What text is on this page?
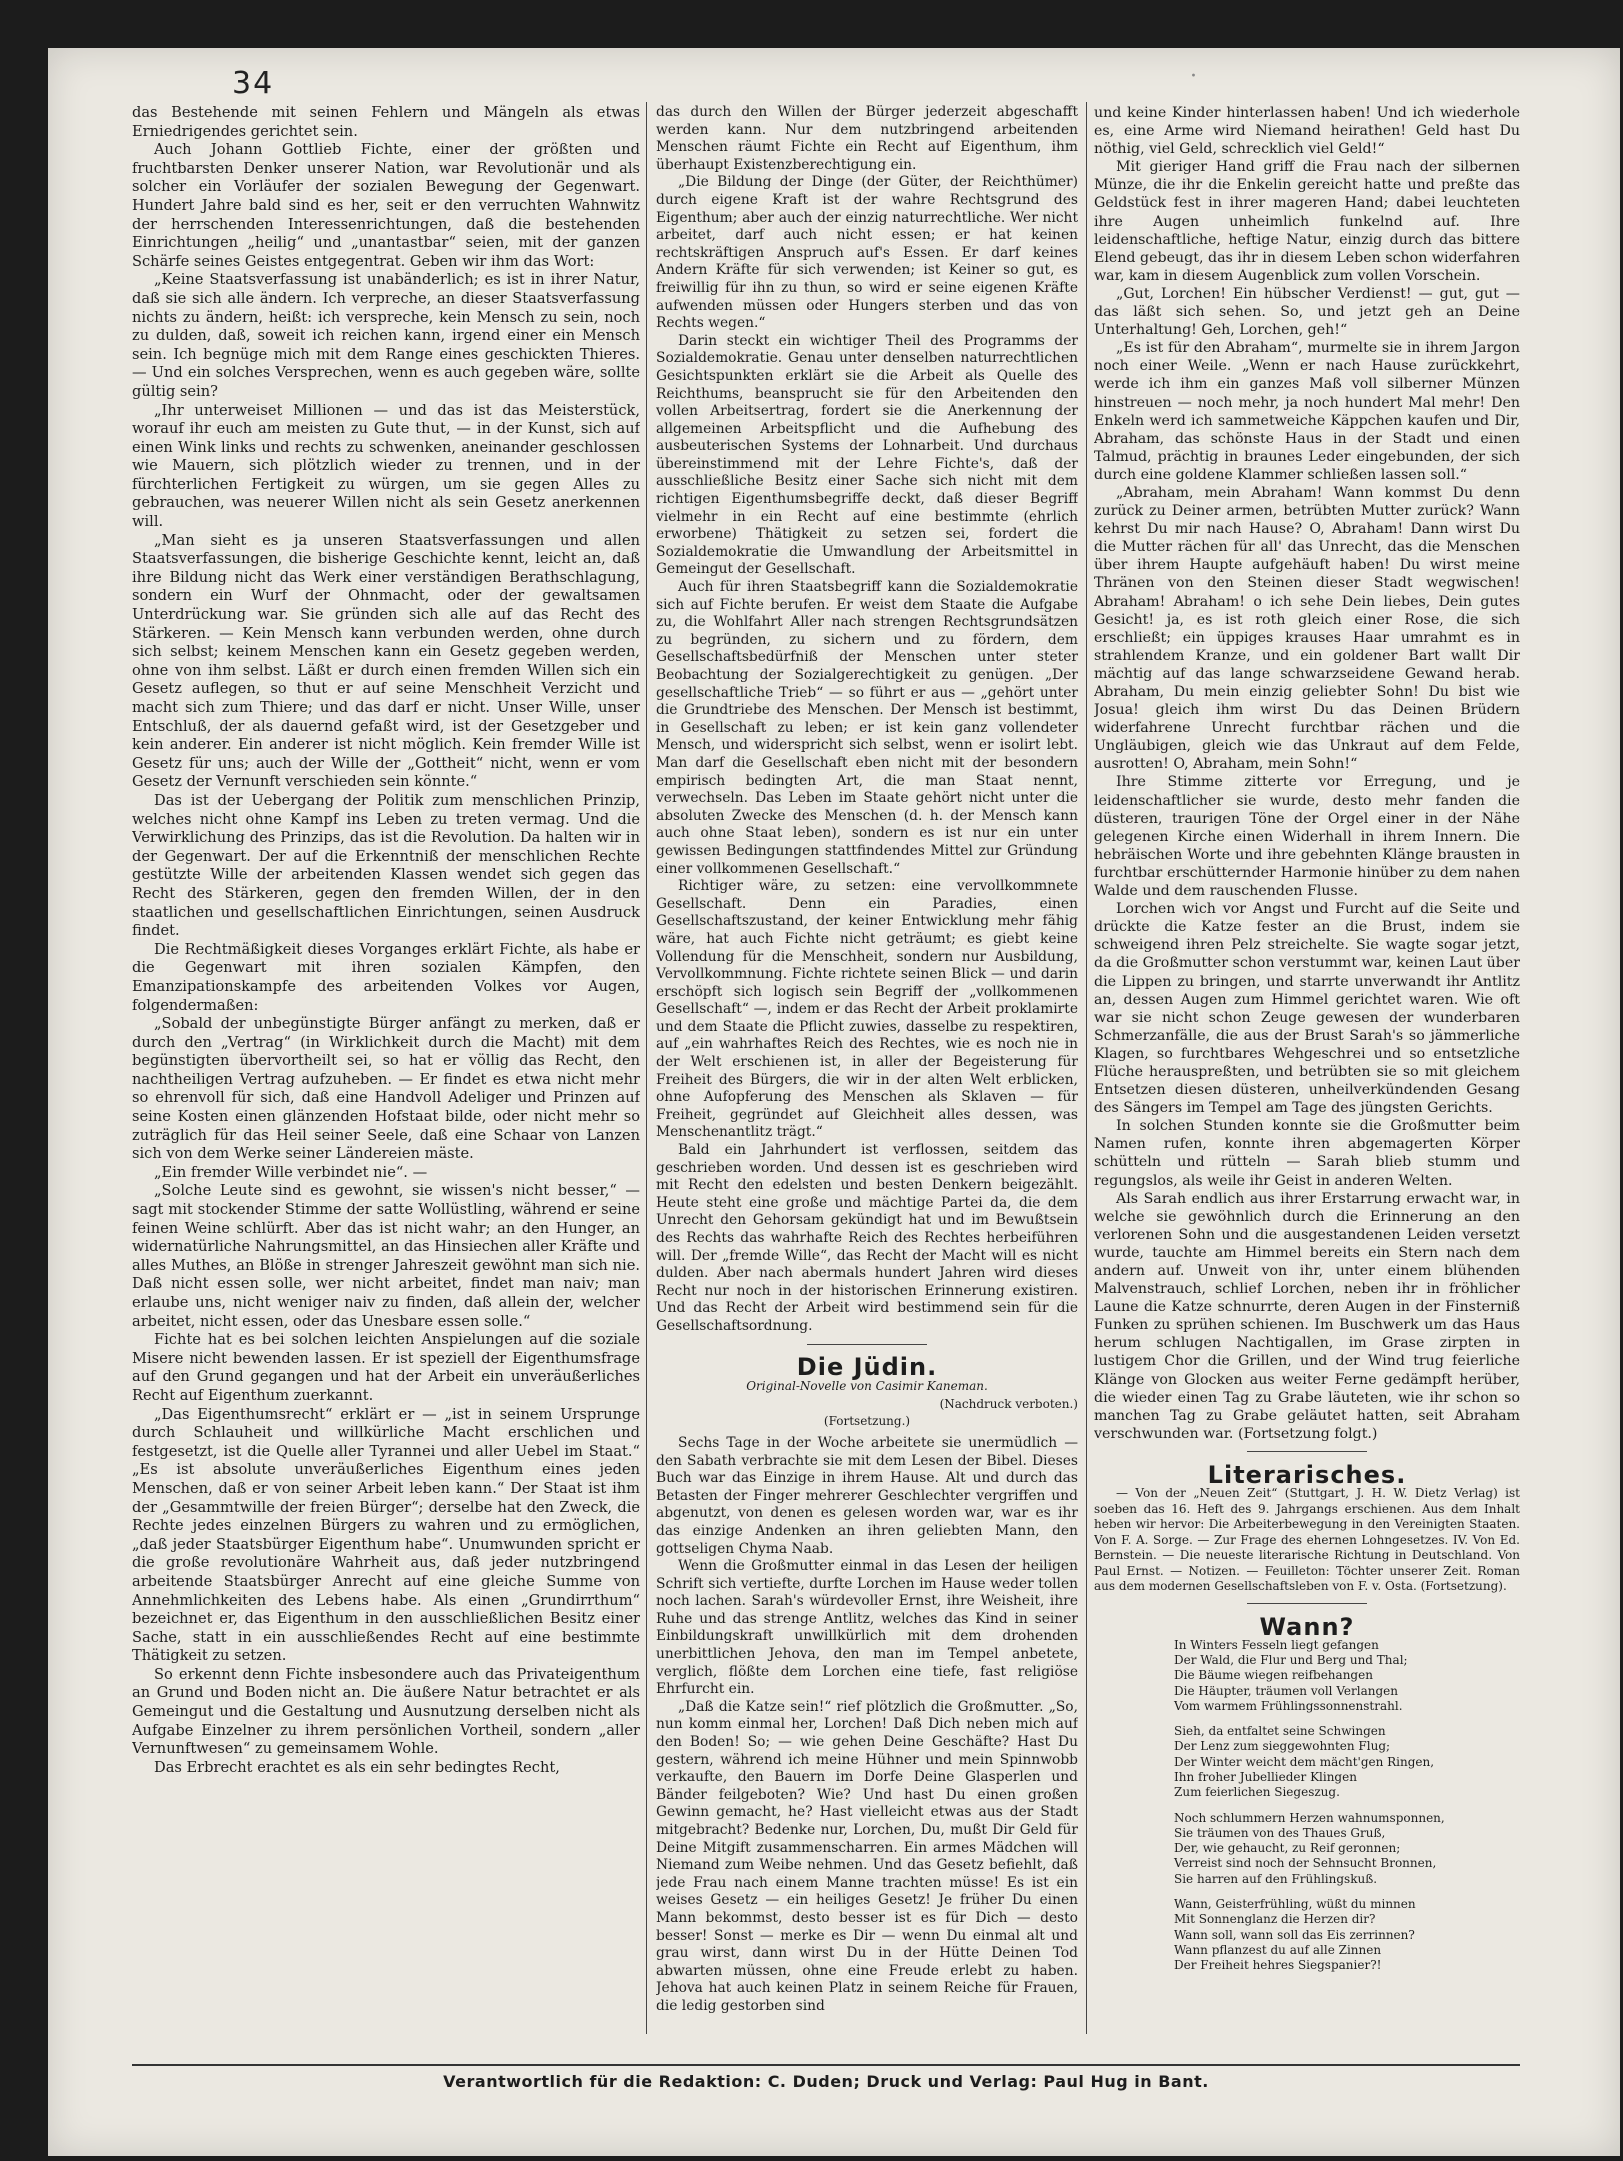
34	·

das Bestehende mit seinen Fehlern und Mängeln als etwas Erniedrigendes gerichtet sein.

Auch Johann Gottlieb Fichte, einer der größten und fruchtbarsten Denker unserer Nation, war Revolutionär und als solcher ein Vorläufer der sozialen Bewegung der Gegenwart. Hundert Jahre bald sind es her, seit er den verruchten Wahnwitz der herrschenden Interessenrichtungen, daß die bestehenden Einrichtungen „heilig“ und „unantastbar“ seien, mit der ganzen Schärfe seines Geistes entgegentrat. Geben wir ihm das Wort:

„Keine Staatsverfassung ist unabänderlich; es ist in ihrer Natur, daß sie sich alle ändern. Ich verpreche, an dieser Staatsverfassung nichts zu ändern, heißt: ich verspreche, kein Mensch zu sein, noch zu dulden, daß, soweit ich reichen kann, irgend einer ein Mensch sein. Ich begnüge mich mit dem Range eines geschickten Thieres. — Und ein solches Versprechen, wenn es auch gegeben wäre, sollte gültig sein?

„Ihr unterweiset Millionen — und das ist das Meisterstück, worauf ihr euch am meisten zu Gute thut, — in der Kunst, sich auf einen Wink links und rechts zu schwenken, aneinander geschlossen wie Mauern, sich plötzlich wieder zu trennen, und in der fürchterlichen Fertigkeit zu würgen, um sie gegen Alles zu gebrauchen, was neuerer Willen nicht als sein Gesetz anerkennen will.

„Man sieht es ja unseren Staatsverfassungen und allen Staatsverfassungen, die bisherige Geschichte kennt, leicht an, daß ihre Bildung nicht das Werk einer verständigen Berathschlagung, sondern ein Wurf der Ohnmacht, oder der gewaltsamen Unterdrückung war. Sie gründen sich alle auf das Recht des Stärkeren. — Kein Mensch kann verbunden werden, ohne durch sich selbst; keinem Menschen kann ein Gesetz gegeben werden, ohne von ihm selbst. Läßt er durch einen fremden Willen sich ein Gesetz auflegen, so thut er auf seine Menschheit Verzicht und macht sich zum Thiere; und das darf er nicht. Unser Wille, unser Entschluß, der als dauernd gefaßt wird, ist der Gesetzgeber und kein anderer. Ein anderer ist nicht möglich. Kein fremder Wille ist Gesetz für uns; auch der Wille der „Gottheit“ nicht, wenn er vom Gesetz der Vernunft verschieden sein könnte.“

Das ist der Uebergang der Politik zum menschlichen Prinzip, welches nicht ohne Kampf ins Leben zu treten vermag. Und die Verwirklichung des Prinzips, das ist die Revolution. Da halten wir in der Gegenwart. Der auf die Erkenntniß der menschlichen Rechte gestützte Wille der arbeitenden Klassen wendet sich gegen das Recht des Stärkeren, gegen den fremden Willen, der in den staatlichen und gesellschaftlichen Einrichtungen, seinen Ausdruck findet.

Die Rechtmäßigkeit dieses Vorganges erklärt Fichte, als habe er die Gegenwart mit ihren sozialen Kämpfen, den Emanzipationskampfe des arbeitenden Volkes vor Augen, folgendermaßen:

„Sobald der unbegünstigte Bürger anfängt zu merken, daß er durch den „Vertrag“ (in Wirklichkeit durch die Macht) mit dem begünstigten übervortheilt sei, so hat er völlig das Recht, den nachtheiligen Vertrag aufzuheben. — Er findet es etwa nicht mehr so ehrenvoll für sich, daß eine Handvoll Adeliger und Prinzen auf seine Kosten einen glänzenden Hofstaat bilde, oder nicht mehr so zuträglich für das Heil seiner Seele, daß eine Schaar von Lanzen sich von dem Werke seiner Ländereien mäste.

„Ein fremder Wille verbindet nie“. —

„Solche Leute sind es gewohnt, sie wissen's nicht besser,“ — sagt mit stockender Stimme der satte Wollüstling, während er seine feinen Weine schlürft. Aber das ist nicht wahr; an den Hunger, an widernatürliche Nahrungsmittel, an das Hinsiechen aller Kräfte und alles Muthes, an Blöße in strenger Jahreszeit gewöhnt man sich nie. Daß nicht essen solle, wer nicht arbeitet, findet man naiv; man erlaube uns, nicht weniger naiv zu finden, daß allein der, welcher arbeitet, nicht essen, oder das Unesbare essen solle.“

Fichte hat es bei solchen leichten Anspielungen auf die soziale Misere nicht bewenden lassen. Er ist speziell der Eigenthumsfrage auf den Grund gegangen und hat der Arbeit ein unveräußerliches Recht auf Eigenthum zuerkannt.

„Das Eigenthumsrecht“ erklärt er — „ist in seinem Ursprunge durch Schlauheit und willkürliche Macht erschlichen und festgesetzt, ist die Quelle aller Tyrannei und aller Uebel im Staat.“ „Es ist absolute unveräußerliches Eigenthum eines jeden Menschen, daß er von seiner Arbeit leben kann.“ Der Staat ist ihm der „Gesammtwille der freien Bürger“; derselbe hat den Zweck, die Rechte jedes einzelnen Bürgers zu wahren und zu ermöglichen, „daß jeder Staatsbürger Eigenthum habe“. Unumwunden spricht er die große revolutionäre Wahrheit aus, daß jeder nutzbringend arbeitende Staatsbürger Anrecht auf eine gleiche Summe von Annehmlichkeiten des Lebens habe. Als einen „Grundirrthum“ bezeichnet er, das Eigenthum in den ausschließlichen Besitz einer Sache, statt in ein ausschließendes Recht auf eine bestimmte Thätigkeit zu setzen.

So erkennt denn Fichte insbesondere auch das Privateigenthum an Grund und Boden nicht an. Die äußere Natur betrachtet er als Gemeingut und die Gestaltung und Ausnutzung derselben nicht als Aufgabe Einzelner zu ihrem persönlichen Vortheil, sondern „aller Vernunftwesen“ zu gemeinsamem Wohle.

Das Erbrecht erachtet es als ein sehr bedingtes Recht,

das durch den Willen der Bürger jederzeit abgeschafft werden kann. Nur dem nutzbringend arbeitenden Menschen räumt Fichte ein Recht auf Eigenthum, ihm überhaupt Existenzberechtigung ein.

„Die Bildung der Dinge (der Güter, der Reichthümer) durch eigene Kraft ist der wahre Rechtsgrund des Eigenthum; aber auch der einzig naturrechtliche. Wer nicht arbeitet, darf auch nicht essen; er hat keinen rechtskräftigen Anspruch auf's Essen. Er darf keines Andern Kräfte für sich verwenden; ist Keiner so gut, es freiwillig für ihn zu thun, so wird er seine eigenen Kräfte aufwenden müssen oder Hungers sterben und das von Rechts wegen.“

Darin steckt ein wichtiger Theil des Programms der Sozialdemokratie. Genau unter denselben naturrechtlichen Gesichtspunkten erklärt sie die Arbeit als Quelle des Reichthums, beansprucht sie für den Arbeitenden den vollen Arbeitsertrag, fordert sie die Anerkennung der allgemeinen Arbeitspflicht und die Aufhebung des ausbeuterischen Systems der Lohnarbeit. Und durchaus übereinstimmend mit der Lehre Fichte's, daß der ausschließliche Besitz einer Sache sich nicht mit dem richtigen Eigenthumsbegriffe deckt, daß dieser Begriff vielmehr in ein Recht auf eine bestimmte (ehrlich erworbene) Thätigkeit zu setzen sei, fordert die Sozialdemokratie die Umwandlung der Arbeitsmittel in Gemeingut der Gesellschaft.

Auch für ihren Staatsbegriff kann die Sozialdemokratie sich auf Fichte berufen. Er weist dem Staate die Aufgabe zu, die Wohlfahrt Aller nach strengen Rechtsgrundsätzen zu begründen, zu sichern und zu fördern, dem Gesellschaftsbedürfniß der Menschen unter steter Beobachtung der Sozialgerechtigkeit zu genügen. „Der gesellschaftliche Trieb“ — so führt er aus — „gehört unter die Grundtriebe des Menschen. Der Mensch ist bestimmt, in Gesellschaft zu leben; er ist kein ganz vollendeter Mensch, und widerspricht sich selbst, wenn er isolirt lebt. Man darf die Gesellschaft eben nicht mit der besondern empirisch bedingten Art, die man Staat nennt, verwechseln. Das Leben im Staate gehört nicht unter die absoluten Zwecke des Menschen (d. h. der Mensch kann auch ohne Staat leben), sondern es ist nur ein unter gewissen Bedingungen stattfindendes Mittel zur Gründung einer vollkommenen Gesellschaft.“

Richtiger wäre, zu setzen: eine vervollkommnete Gesellschaft. Denn ein Paradies, einen Gesellschaftszustand, der keiner Entwicklung mehr fähig wäre, hat auch Fichte nicht geträumt; es giebt keine Vollendung für die Menschheit, sondern nur Ausbildung, Vervollkommnung. Fichte richtete seinen Blick — und darin erschöpft sich logisch sein Begriff der „vollkommenen Gesellschaft“ —, indem er das Recht der Arbeit proklamirte und dem Staate die Pflicht zuwies, dasselbe zu respektiren, auf „ein wahrhaftes Reich des Rechtes, wie es noch nie in der Welt erschienen ist, in aller der Begeisterung für Freiheit des Bürgers, die wir in der alten Welt erblicken, ohne Aufopferung des Menschen als Sklaven — für Freiheit, gegründet auf Gleichheit alles dessen, was Menschenantlitz trägt.“

Bald ein Jahrhundert ist verflossen, seitdem das geschrieben worden. Und dessen ist es geschrieben wird mit Recht den edelsten und besten Denkern beigezählt. Heute steht eine große und mächtige Partei da, die dem Unrecht den Gehorsam gekündigt hat und im Bewußtsein des Rechts das wahrhafte Reich des Rechtes herbeiführen will. Der „fremde Wille“, das Recht der Macht will es nicht dulden. Aber nach abermals hundert Jahren wird dieses Recht nur noch in der historischen Erinnerung existiren. Und das Recht der Arbeit wird bestimmend sein für die Gesellschaftsordnung.

Die Jüdin.
Original-Novelle von Casimir Kaneman.
(Nachdruck verboten.)
(Fortsetzung.)

Sechs Tage in der Woche arbeitete sie unermüdlich — den Sabath verbrachte sie mit dem Lesen der Bibel. Dieses Buch war das Einzige in ihrem Hause. Alt und durch das Betasten der Finger mehrerer Geschlechter vergriffen und abgenutzt, von denen es gelesen worden war, war es ihr das einzige Andenken an ihren geliebten Mann, den gottseligen Chyma Naab.

Wenn die Großmutter einmal in das Lesen der heiligen Schrift sich vertiefte, durfte Lorchen im Hause weder tollen noch lachen. Sarah's würdevoller Ernst, ihre Weisheit, ihre Ruhe und das strenge Antlitz, welches das Kind in seiner Einbildungskraft unwillkürlich mit dem drohenden unerbittlichen Jehova, den man im Tempel anbetete, verglich, flößte dem Lorchen eine tiefe, fast religiöse Ehrfurcht ein.

„Daß die Katze sein!“ rief plötzlich die Großmutter. „So, nun komm einmal her, Lorchen! Daß Dich neben mich auf den Boden! So; — wie gehen Deine Geschäfte? Hast Du gestern, während ich meine Hühner und mein Spinnwobb verkaufte, den Bauern im Dorfe Deine Glasperlen und Bänder feilgeboten? Wie? Und hast Du einen großen Gewinn gemacht, he? Hast vielleicht etwas aus der Stadt mitgebracht? Bedenke nur, Lorchen, Du, mußt Dir Geld für Deine Mitgift zusammenscharren. Ein armes Mädchen will Niemand zum Weibe nehmen. Und das Gesetz befiehlt, daß jede Frau nach einem Manne trachten müsse! Es ist ein weises Gesetz — ein heiliges Gesetz! Je früher Du einen Mann bekommst, desto besser ist es für Dich — desto besser! Sonst — merke es Dir — wenn Du einmal alt und grau wirst, dann wirst Du in der Hütte Deinen Tod abwarten müssen, ohne eine Freude erlebt zu haben. Jehova hat auch keinen Platz in seinem Reiche für Frauen, die ledig gestorben sind

und keine Kinder hinterlassen haben! Und ich wiederhole es, eine Arme wird Niemand heirathen! Geld hast Du nöthig, viel Geld, schrecklich viel Geld!“

Mit gieriger Hand griff die Frau nach der silbernen Münze, die ihr die Enkelin gereicht hatte und preßte das Geldstück fest in ihrer mageren Hand; dabei leuchteten ihre Augen unheimlich funkelnd auf. Ihre leidenschaftliche, heftige Natur, einzig durch das bittere Elend gebeugt, das ihr in diesem Leben schon widerfahren war, kam in diesem Augenblick zum vollen Vorschein.

„Gut, Lorchen! Ein hübscher Verdienst! — gut, gut — das läßt sich sehen. So, und jetzt geh an Deine Unterhaltung! Geh, Lorchen, geh!“

„Es ist für den Abraham“, murmelte sie in ihrem Jargon noch einer Weile. „Wenn er nach Hause zurückkehrt, werde ich ihm ein ganzes Maß voll silberner Münzen hinstreuen — noch mehr, ja noch hundert Mal mehr! Den Enkeln werd ich sammetweiche Käppchen kaufen und Dir, Abraham, das schönste Haus in der Stadt und einen Talmud, prächtig in braunes Leder eingebunden, der sich durch eine goldene Klammer schließen lassen soll.“

„Abraham, mein Abraham! Wann kommst Du denn zurück zu Deiner armen, betrübten Mutter zurück? Wann kehrst Du mir nach Hause? O, Abraham! Dann wirst Du die Mutter rächen für all' das Unrecht, das die Menschen über ihrem Haupte aufgehäuft haben! Du wirst meine Thränen von den Steinen dieser Stadt wegwischen! Abraham! Abraham! o ich sehe Dein liebes, Dein gutes Gesicht! ja, es ist roth gleich einer Rose, die sich erschließt; ein üppiges krauses Haar umrahmt es in strahlendem Kranze, und ein goldener Bart wallt Dir mächtig auf das lange schwarzseidene Gewand herab. Abraham, Du mein einzig geliebter Sohn! Du bist wie Josua! gleich ihm wirst Du das Deinen Brüdern widerfahrene Unrecht furchtbar rächen und die Ungläubigen, gleich wie das Unkraut auf dem Felde, ausrotten! O, Abraham, mein Sohn!“

Ihre Stimme zitterte vor Erregung, und je leidenschaftlicher sie wurde, desto mehr fanden die düsteren, traurigen Töne der Orgel einer in der Nähe gelegenen Kirche einen Widerhall in ihrem Innern. Die hebräischen Worte und ihre gebehnten Klänge brausten in furchtbar erschütternder Harmonie hinüber zu dem nahen Walde und dem rauschenden Flusse.

Lorchen wich vor Angst und Furcht auf die Seite und drückte die Katze fester an die Brust, indem sie schweigend ihren Pelz streichelte. Sie wagte sogar jetzt, da die Großmutter schon verstummt war, keinen Laut über die Lippen zu bringen, und starrte unverwandt ihr Antlitz an, dessen Augen zum Himmel gerichtet waren. Wie oft war sie nicht schon Zeuge gewesen der wunderbaren Schmerzanfälle, die aus der Brust Sarah's so jämmerliche Klagen, so furchtbares Wehgeschrei und so entsetzliche Flüche herauspreßten, und betrübten sie so mit gleichem Entsetzen diesen düsteren, unheilverkündenden Gesang des Sängers im Tempel am Tage des jüngsten Gerichts.

In solchen Stunden konnte sie die Großmutter beim Namen rufen, konnte ihren abgemagerten Körper schütteln und rütteln — Sarah blieb stumm und regungslos, als weile ihr Geist in anderen Welten.

Als Sarah endlich aus ihrer Erstarrung erwacht war, in welche sie gewöhnlich durch die Erinnerung an den verlorenen Sohn und die ausgestandenen Leiden versetzt wurde, tauchte am Himmel bereits ein Stern nach dem andern auf. Unweit von ihr, unter einem blühenden Malvenstrauch, schlief Lorchen, neben ihr in fröhlicher Laune die Katze schnurrte, deren Augen in der Finsterniß Funken zu sprühen schienen. Im Buschwerk um das Haus herum schlugen Nachtigallen, im Grase zirpten in lustigem Chor die Grillen, und der Wind trug feierliche Klänge von Glocken aus weiter Ferne gedämpft herüber, die wieder einen Tag zu Grabe läuteten, wie ihr schon so manchen Tag zu Grabe geläutet hatten, seit Abraham verschwunden war. (Fortsetzung folgt.)

Literarisches.

— Von der „Neuen Zeit“ (Stuttgart, J. H. W. Dietz Verlag) ist soeben das 16. Heft des 9. Jahrgangs erschienen. Aus dem Inhalt heben wir hervor: Die Arbeiterbewegung in den Vereinigten Staaten. Von F. A. Sorge. — Zur Frage des ehernen Lohngesetzes. IV. Von Ed. Bernstein. — Die neueste literarische Richtung in Deutschland. Von Paul Ernst. — Notizen. — Feuilleton: Töchter unserer Zeit. Roman aus dem modernen Gesellschaftsleben von F. v. Osta. (Fortsetzung).

Wann?
In Winters Fesseln liegt gefangen
Der Wald, die Flur und Berg und Thal;
Die Bäume wiegen reifbehangen
Die Häupter, träumen voll Verlangen
Vom warmem Frühlingssonnenstrahl.
Sieh, da entfaltet seine Schwingen
Der Lenz zum sieggewohnten Flug;
Der Winter weicht dem mächt'gen Ringen,
Ihn froher Jubellieder Klingen
Zum feierlichen Siegeszug.
Noch schlummern Herzen wahnumsponnen,
Sie träumen von des Thaues Gruß,
Der, wie gehaucht, zu Reif geronnen;
Verreist sind noch der Sehnsucht Bronnen,
Sie harren auf den Frühlingskuß.
Wann, Geisterfrühling, wüßt du minnen
Mit Sonnenglanz die Herzen dir?
Wann soll, wann soll das Eis zerrinnen?
Wann pflanzest du auf alle Zinnen
Der Freiheit hehres Siegspanier?!
Verantwortlich für die Redaktion: C. Duden; Druck und Verlag: Paul Hug in Bant.
